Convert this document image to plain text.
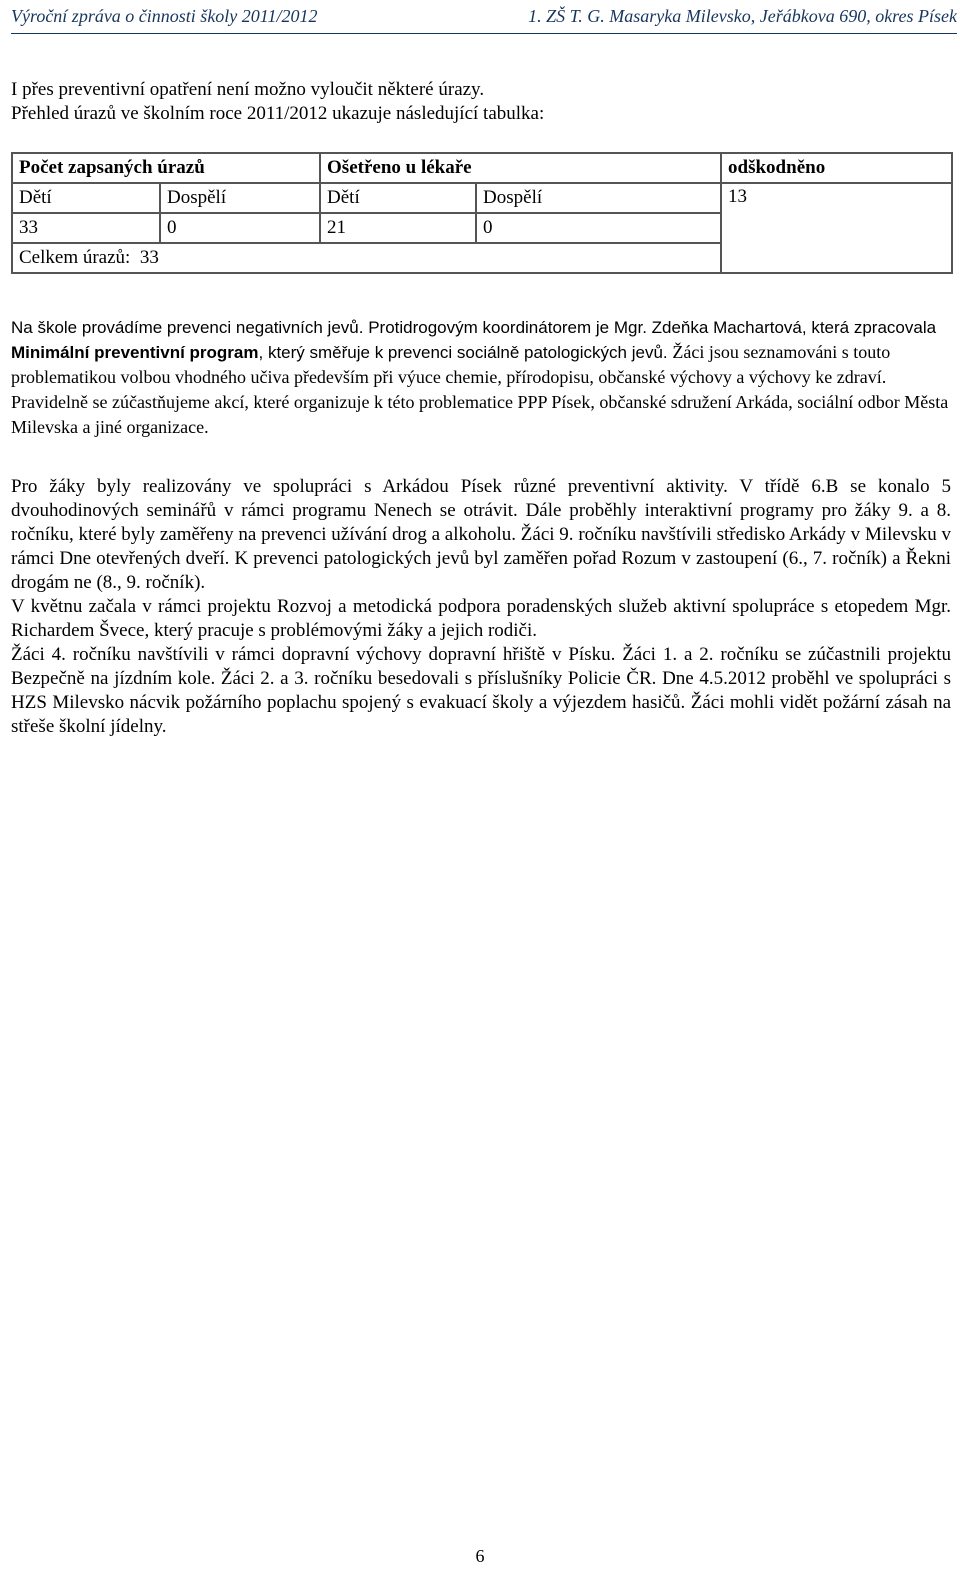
Výroční zpráva o činnosti školy 2011/2012	1. ZŠ T. G. Masaryka Milevsko, Jeřábkova 690, okres Písek
I přes preventivní opatření není možno vyloučit některé úrazy.
Přehled úrazů ve školním roce 2011/2012 ukazuje následující tabulka:
Počet zapsaných úrazů		Ošetřeno u lékaře		odškodněno
Dětí	Dospělí	Dětí	Dospělí	13
33	0	21	0	
Celkem úrazů: 33				
Na škole provádíme prevenci negativních jevů. Protidrogovým koordinátorem je Mgr. Zdeňka Machartová, která zpracovala Minimální preventivní program, který směřuje k prevenci sociálně patologických jevů. Žáci jsou seznamováni s touto problematikou volbou vhodného učiva především při výuce chemie, přírodopisu, občanské výchovy a výchovy ke zdraví. Pravidelně se zúčastňujeme akcí, které organizuje k této problematice PPP Písek, občanské sdružení Arkáda, sociální odbor Města Milevska a jiné organizace.

Pro žáky byly realizovány ve spolupráci s Arkádou Písek různé preventivní aktivity. V třídě 6.B se konalo 5 dvouhodinových seminářů v rámci programu Nenech se otrávit. Dále proběhly interaktivní programy pro žáky 9. a 8. ročníku, které byly zaměřeny na prevenci užívání drog a alkoholu. Žáci 9. ročníku navštívili středisko Arkády v Milevsku v rámci Dne otevřených dveří. K prevenci patologických jevů byl zaměřen pořad Rozum v zastoupení (6., 7. ročník) a Řekni drogám ne (8., 9. ročník).

V květnu začala v rámci projektu Rozvoj a metodická podpora poradenských služeb aktivní spolupráce s etopedem Mgr. Richardem Švece, který pracuje s problémovými žáky a jejich rodiči.

Žáci 4. ročníku navštívili v rámci dopravní výchovy dopravní hřiště v Písku. Žáci 1. a 2. ročníku se zúčastnili projektu Bezpečně na jízdním kole. Žáci 2. a 3. ročníku besedovali s příslušníky Policie ČR. Dne 4.5.2012 proběhl ve spolupráci s HZS Milevsko nácvik požárního poplachu spojený s evakuací školy a výjezdem hasičů. Žáci mohli vidět požární zásah na střeše školní jídelny.

6
